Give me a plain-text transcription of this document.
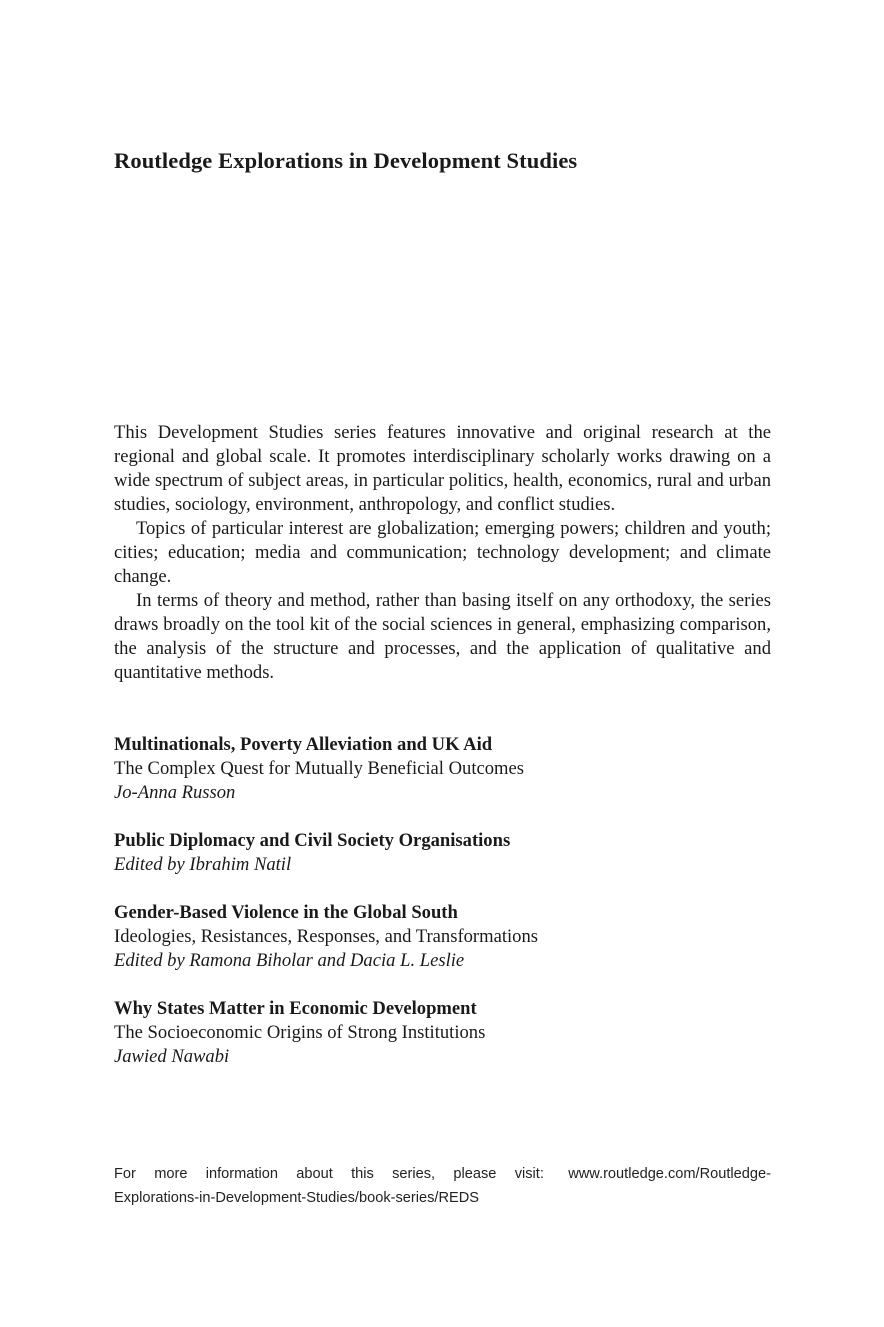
Routledge Explorations in Development Studies

This Development Studies series features innovative and original research at the regional and global scale. It promotes interdisciplinary scholarly works drawing on a wide spectrum of subject areas, in particular politics, health, economics, rural and urban studies, sociology, environment, anthropology, and conflict studies.

Topics of particular interest are globalization; emerging powers; children and youth; cities; education; media and communication; technology development; and climate change.

In terms of theory and method, rather than basing itself on any orthodoxy, the series draws broadly on the tool kit of the social sciences in general, emphasizing comparison, the analysis of the structure and processes, and the application of qualitative and quantitative methods.

Multinationals, Poverty Alleviation and UK Aid
The Complex Quest for Mutually Beneficial Outcomes
Jo-Anna Russon
Public Diplomacy and Civil Society Organisations
Edited by Ibrahim Natil
Gender-Based Violence in the Global South
Ideologies, Resistances, Responses, and Transformations
Edited by Ramona Biholar and Dacia L. Leslie
Why States Matter in Economic Development
The Socioeconomic Origins of Strong Institutions
Jawied Nawabi
For more information about this series, please visit: www.routledge.com/Routledge-
Explorations-in-Development-Studies/book-series/REDS
